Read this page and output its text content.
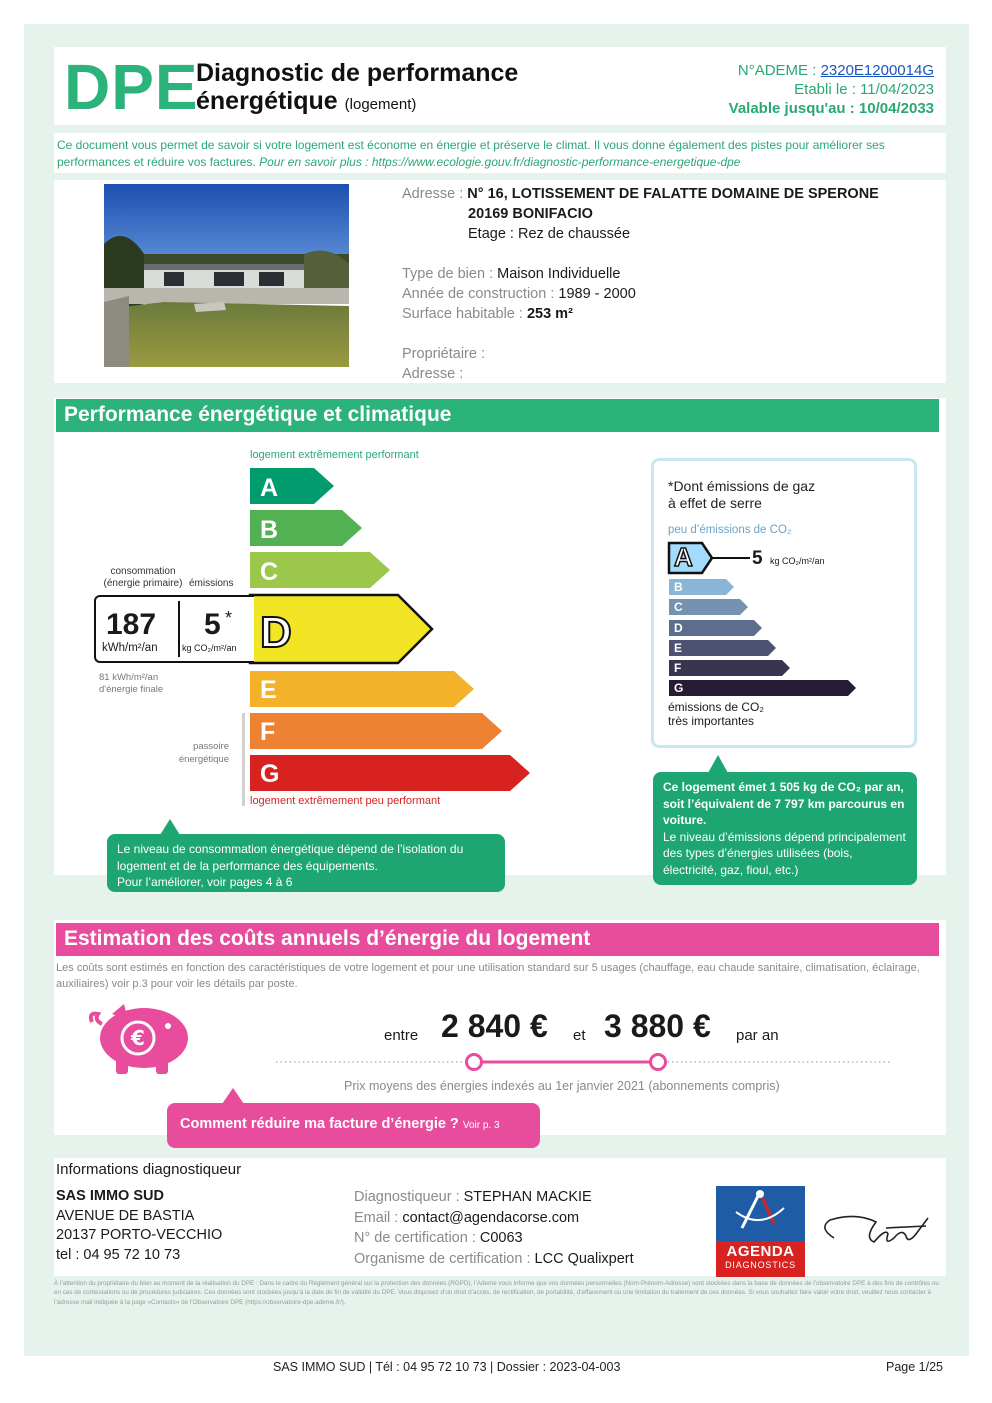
DPE
Diagnostic de performance
énergétique (logement)
N°ADEME : 2320E1200014G
Etabli le : 11/04/2023
Valable jusqu'au : 10/04/2033
Ce document vous permet de savoir si votre logement est économe en énergie et préserve le climat. Il vous donne également des pistes pour améliorer ses performances et réduire vos factures. Pour en savoir plus : https://www.ecologie.gouv.fr/diagnostic-performance-energetique-dpe
Adresse : N° 16, LOTISSEMENT DE FALATTE DOMAINE DE SPERONE
20169 BONIFACIO
Etage : Rez de chaussée
Type de bien : Maison Individuelle
Année de construction : 1989 - 2000
Surface habitable : 253 m²
Propriétaire :
Adresse :
Performance énergétique et climatique
logement extrêmement performant
logement extrêmement peu performant
A
B
C
D
E
F
G
consommation
(énergie primaire) émissions
187
kWh/m²/an
5 *
kg CO₂/m²/an
81 kWh/m²/an
d'énergie finale
passoire
énergétique
Le niveau de consommation énergétique dépend de l’isolation du logement et de la performance des équipements.
Pour l’améliorer, voir pages 4 à 6
*Dont émissions de gaz
à effet de serre
peu d’émissions de CO₂
A
B
C
D
E
F
G
5 kg CO₂/m²/an
émissions de CO₂
très importantes
Ce logement émet 1 505 kg de CO₂ par an, soit l’équivalent de 7 797 km parcourus en voiture.
Le niveau d’émissions dépend principalement des types d’énergies utilisées (bois, électricité, gaz, fioul, etc.)
Estimation des coûts annuels d’énergie du logement
Les coûts sont estimés en fonction des caractéristiques de votre logement et pour une utilisation standard sur 5 usages (chauffage, eau chaude sanitaire, climatisation, éclairage, auxiliaires) voir p.3 pour voir les détails par poste.
€	entre 2 840 € et 3 880 € par an
Prix moyens des énergies indexés au 1er janvier 2021 (abonnements compris)
Comment réduire ma facture d’énergie ? Voir p. 3
Informations diagnostiqueur
SAS IMMO SUD
AVENUE DE BASTIA
20137 PORTO-VECCHIO
tel : 04 95 72 10 73
Diagnostiqueur : STEPHAN MACKIE
Email : contact@agendacorse.com
N° de certification : C0063
Organisme de certification : LCC Qualixpert	AGENDA
DIAGNOSTICS
À l’attention du propriétaire du bien au moment de la réalisation du DPE : Dans le cadre du Règlement général sur la protection des données (RGPD), l’Ademe vous informe que vos données personnelles (Nom-Prénom-Adresse) sont stockées dans la base de données de l’observatoire DPE à des fins de contrôles ou en cas de contestations ou de procédures judiciaires. Ces données sont stockées jusqu’à la date de fin de validité du DPE. Vous disposez d’un droit d’accès, de rectification, de portabilité, d’effacement ou une limitation du traitement de ces données. Si vous souhaitez faire valoir votre droit, veuillez nous contacter à l’adresse mail indiquée à la page «Contacts» de l’Observatoire DPE (https://observatoire-dpe.ademe.fr/).
SAS IMMO SUD | Tél : 04 95 72 10 73 | Dossier : 2023-04-003	Page 1/25
